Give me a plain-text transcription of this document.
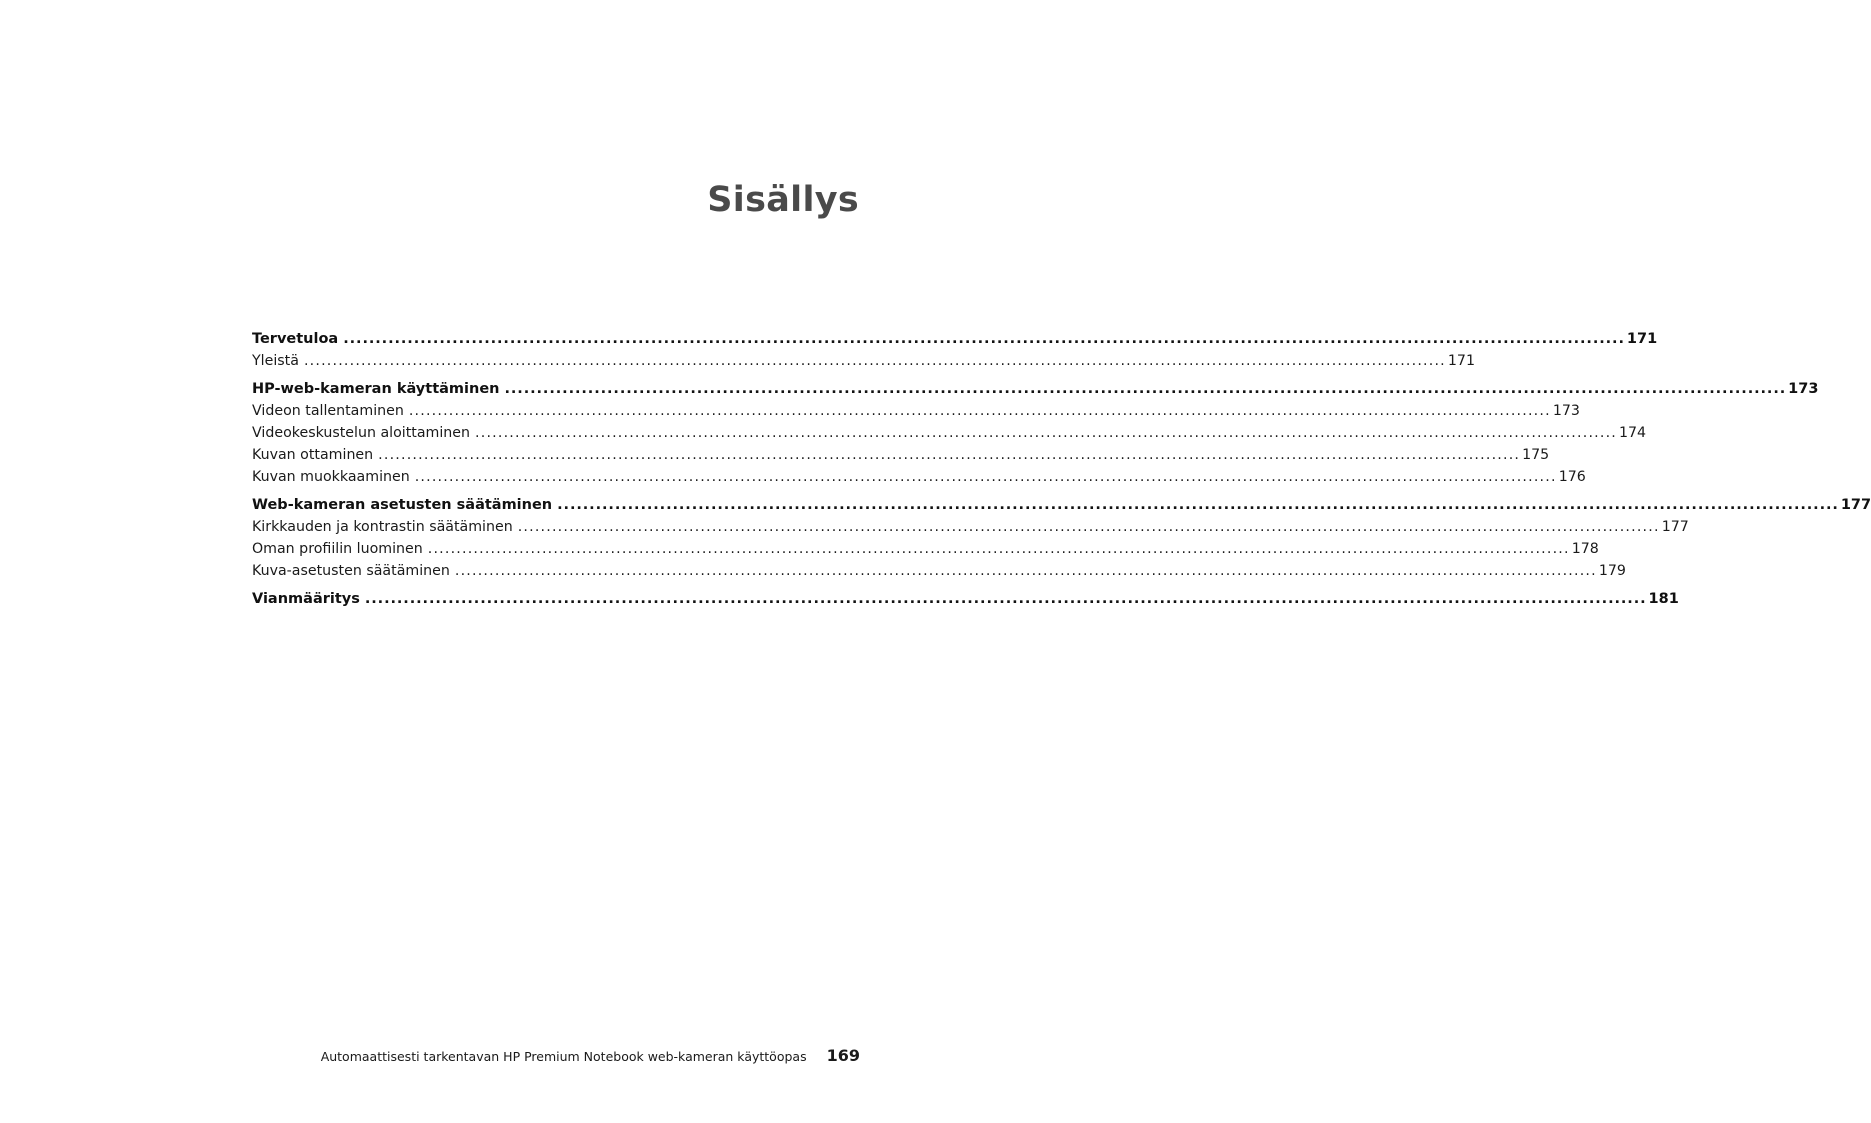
Sisällys
Tervetuloa ........................................................................................................................................................................................................ 171
Yleistä ........................................................................................................................................................................................................ 171
HP-web-kameran käyttäminen ........................................................................................................................................................................................................ 173
Videon tallentaminen ........................................................................................................................................................................................................ 173
Videokeskustelun aloittaminen ........................................................................................................................................................................................................ 174
Kuvan ottaminen ........................................................................................................................................................................................................ 175
Kuvan muokkaaminen ........................................................................................................................................................................................................ 176
Web-kameran asetusten säätäminen ........................................................................................................................................................................................................ 177
Kirkkauden ja kontrastin säätäminen ........................................................................................................................................................................................................ 177
Oman profiilin luominen ........................................................................................................................................................................................................ 178
Kuva-asetusten säätäminen ........................................................................................................................................................................................................ 179
Vianmääritys ........................................................................................................................................................................................................ 181
Automaattisesti tarkentavan HP Premium Notebook web-kameran käyttöopas 169
